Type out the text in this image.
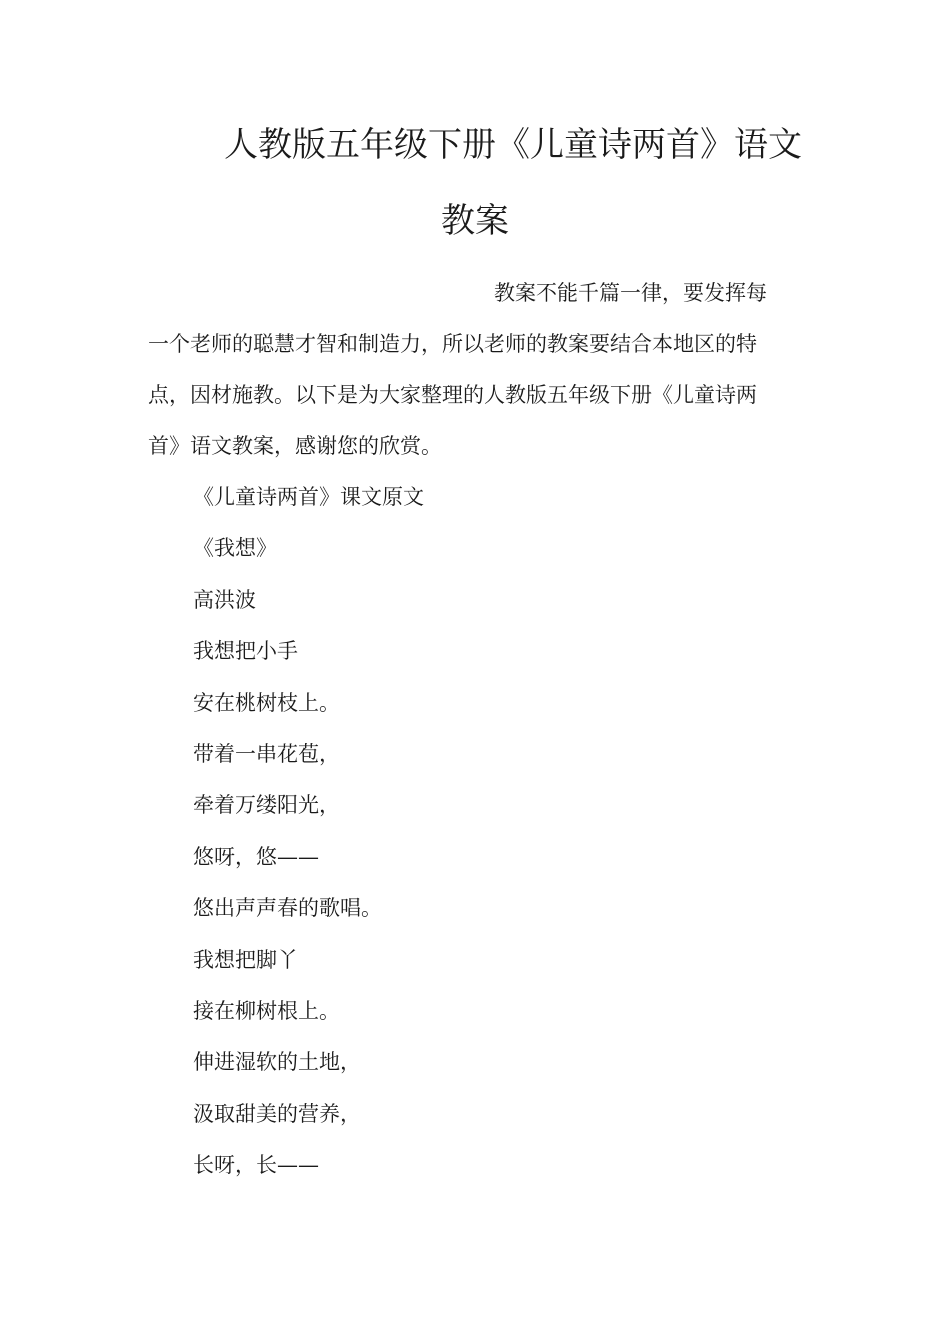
人教版五年级下册《儿童诗两首》语文
教案
教案不能千篇一律，要发挥每
一个老师的聪慧才智和制造力，所以老师的教案要结合本地区的特
点，因材施教。以下是为大家整理的人教版五年级下册《儿童诗两
首》语文教案，感谢您的欣赏。
《儿童诗两首》课文原文
《我想》
高洪波
我想把小手
安在桃树枝上。
带着一串花苞，
牵着万缕阳光，
悠呀，悠——
悠出声声春的歌唱。
我想把脚丫
接在柳树根上。
伸进湿软的土地，
汲取甜美的营养，
长呀，长——
